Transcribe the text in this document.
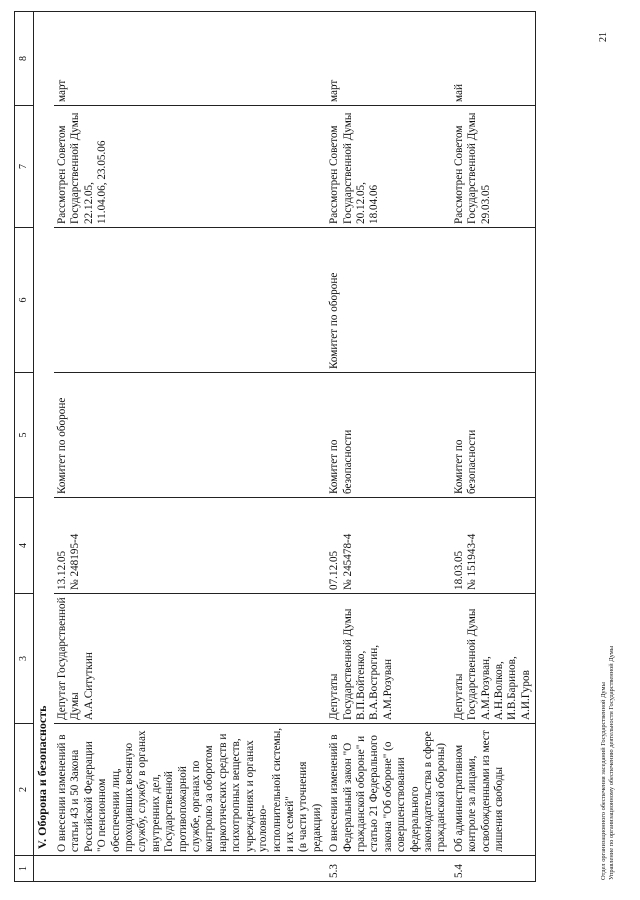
1	2	3	4	5	6	7	8
	V. Оборона и безопасность						
	О внесении изменений в статьи 43 и 50 Закона Российской Федерации "О пенсионном обеспечении лиц, проходивших военную службу, службу в органах внутренних дел, Государственной противопожарной службе, органах по контролю за оборотом наркотических средств и психотропных веществ, учреждениях и органах уголовно-
исполнительной системы, и их семей"
(в части уточнения редакции)	Депутат Государственной Думы
А.А.Ситуткин	13.12.05
№ 248195-4	Комитет по обороне		Рассмотрен Советом Государственной Думы 22.12.05,
11.04.06, 23.05.06	март
5.3	О внесении изменений в Федеральный закон "О гражданской обороне" и статью 21 Федерального закона "Об обороне" (о совершенствовании федерального законодательства в сфере гражданской обороны)	Депутаты Государственной Думы
В.П.Войтенко,
В.А.Вострогин,
А.М.Розуван	07.12.05
№ 245478-4	Комитет по безопасности	Комитет по обороне	Рассмотрен Советом Государственной Думы 20.12.05,
18.04.06	март
5.4	Об административном контроле за лицами, освобожденными из мест лишения свободы	Депутаты Государственной Думы
А.М.Розуван,
А.Н.Волков,
И.В.Баринов,
А.И.Гуров	18.03.05
№ 151943-4	Комитет по безопасности		Рассмотрен Советом Государственной Думы 29.03.05	май
Отдел организационного обеспечения заседаний Государственной Думы
Управление по организационному обеспечению деятельности Государственной Думы
21
